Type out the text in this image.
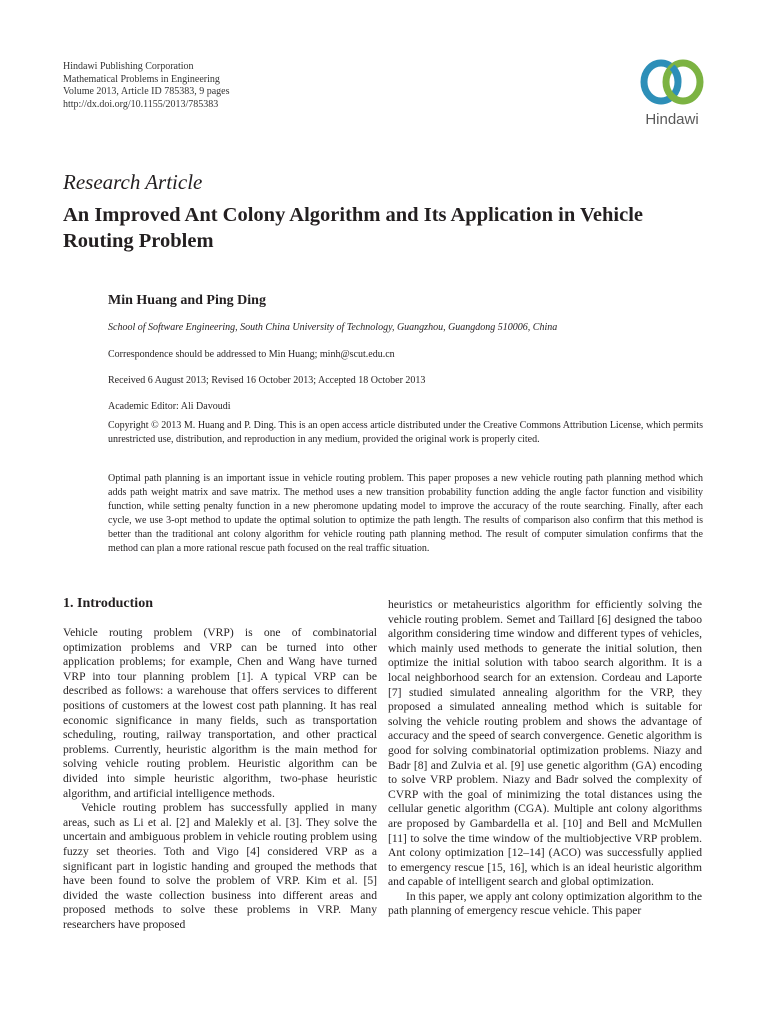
Hindawi Publishing Corporation
Mathematical Problems in Engineering
Volume 2013, Article ID 785383, 9 pages
http://dx.doi.org/10.1155/2013/785383
Hindawi
Research Article
An Improved Ant Colony Algorithm and Its Application in Vehicle Routing Problem
Min Huang and Ping Ding
School of Software Engineering, South China University of Technology, Guangzhou, Guangdong 510006, China
Correspondence should be addressed to Min Huang; minh@scut.edu.cn
Received 6 August 2013; Revised 16 October 2013; Accepted 18 October 2013
Academic Editor: Ali Davoudi
Copyright © 2013 M. Huang and P. Ding. This is an open access article distributed under the Creative Commons Attribution License, which permits unrestricted use, distribution, and reproduction in any medium, provided the original work is properly cited.
Optimal path planning is an important issue in vehicle routing problem. This paper proposes a new vehicle routing path planning method which adds path weight matrix and save matrix. The method uses a new transition probability function adding the angle factor function and visibility function, while setting penalty function in a new pheromone updating model to improve the accuracy of the route searching. Finally, after each cycle, we use 3-opt method to update the optimal solution to optimize the path length. The results of comparison also confirm that this method is better than the traditional ant colony algorithm for vehicle routing path planning method. The result of computer simulation confirms that the method can plan a more rational rescue path focused on the real traffic situation.
1. Introduction

Vehicle routing problem (VRP) is one of combinatorial optimization problems and VRP can be turned into other application problems; for example, Chen and Wang have turned VRP into tour planning problem [1]. A typical VRP can be described as follows: a warehouse that offers services to different positions of customers at the lowest cost path planning. It has real economic significance in many fields, such as transportation scheduling, routing, railway transportation, and other practical problems. Currently, heuristic algorithm is the main method for solving vehicle routing problem. Heuristic algorithm can be divided into simple heuristic algorithm, two-phase heuristic algorithm, and artificial intelligence methods.

Vehicle routing problem has successfully applied in many areas, such as Li et al. [2] and Malekly et al. [3]. They solve the uncertain and ambiguous problem in vehicle routing problem using fuzzy set theories. Toth and Vigo [4] considered VRP as a significant part in logistic handing and grouped the methods that have been found to solve the problem of VRP. Kim et al. [5] divided the waste collection business into different areas and proposed methods to solve these problems in VRP. Many researchers have proposed

heuristics or metaheuristics algorithm for efficiently solving the vehicle routing problem. Semet and Taillard [6] designed the taboo algorithm considering time window and different types of vehicles, which mainly used methods to generate the initial solution, then optimize the initial solution with taboo search algorithm. It is a local neighborhood search for an extension. Cordeau and Laporte [7] studied simulated annealing algorithm for the VRP, they proposed a simulated annealing method which is suitable for solving the vehicle routing problem and shows the advantage of accuracy and the speed of search convergence. Genetic algorithm is good for solving combinatorial optimization problems. Niazy and Badr [8] and Zulvia et al. [9] use genetic algorithm (GA) encoding to solve VRP problem. Niazy and Badr solved the complexity of CVRP with the goal of minimizing the total distances using the cellular genetic algorithm (CGA). Multiple ant colony algorithms are proposed by Gambardella et al. [10] and Bell and McMullen [11] to solve the time window of the multiobjective VRP problem. Ant colony optimization [12–14] (ACO) was successfully applied to emergency rescue [15, 16], which is an ideal heuristic algorithm and capable of intelligent search and global optimization.

In this paper, we apply ant colony optimization algorithm to the path planning of emergency rescue vehicle. This paper
